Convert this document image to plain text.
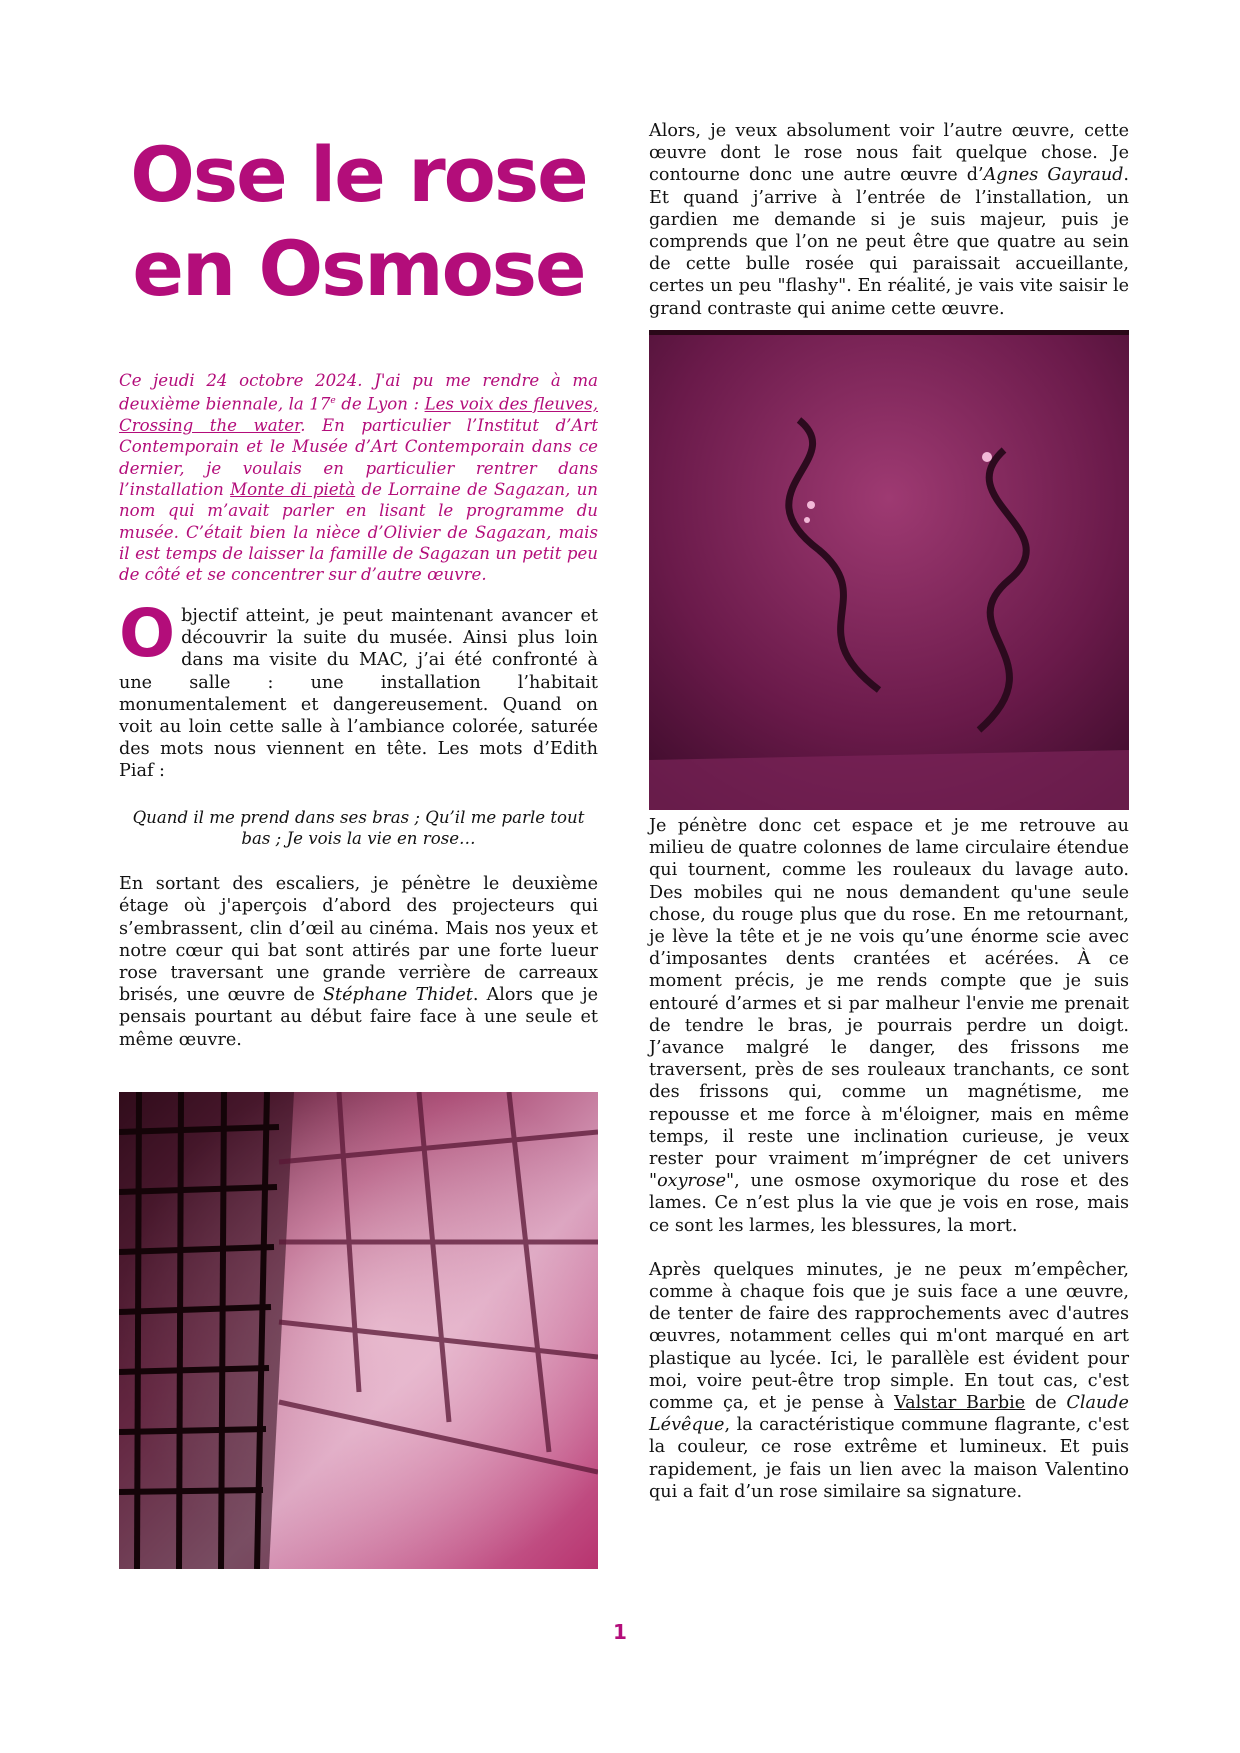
Ose le rose
en Osmose

Ce jeudi 24 octobre 2024. J'ai pu me rendre à ma deuxième biennale, la 17e de Lyon : Les voix des fleuves, Crossing the water. En particulier l’Institut d’Art Contemporain et le Musée d’Art Contemporain dans ce dernier, je voulais en particulier rentrer dans l’installation Monte di pietà de Lorraine de Sagazan, un nom qui m’avait parler en lisant le programme du musée. C’était bien la nièce d’Olivier de Sagazan, mais il est temps de laisser la famille de Sagazan un petit peu de côté et se concentrer sur d’autre œuvre.

Objectif atteint, je peut maintenant avancer et découvrir la suite du musée. Ainsi plus loin dans ma visite du MAC, j’ai été confronté à une salle : une installation l’habitait monumentalement et dangereusement. Quand on voit au loin cette salle à l’ambiance colorée, saturée des mots nous viennent en tête. Les mots d’Edith Piaf :

Quand il me prend dans ses bras ; Qu’il me parle tout bas ; Je vois la vie en rose…

En sortant des escaliers, je pénètre le deuxième étage où j'aperçois d’abord des projecteurs qui s’embrassent, clin d’œil au cinéma. Mais nos yeux et notre cœur qui bat sont attirés par une forte lueur rose traversant une grande verrière de carreaux brisés, une œuvre de Stéphane Thidet. Alors que je pensais pourtant au début faire face à une seule et même œuvre.

Alors, je veux absolument voir l’autre œuvre, cette œuvre dont le rose nous fait quelque chose. Je contourne donc une autre œuvre d’Agnes Gayraud. Et quand j’arrive à l’entrée de l’installation, un gardien me demande si je suis majeur, puis je comprends que l’on ne peut être que quatre au sein de cette bulle rosée qui paraissait accueillante, certes un peu "flashy". En réalité, je vais vite saisir le grand contraste qui anime cette œuvre.

Je pénètre donc cet espace et je me retrouve au milieu de quatre colonnes de lame circulaire étendue qui tournent, comme les rouleaux du lavage auto. Des mobiles qui ne nous demandent qu'une seule chose, du rouge plus que du rose. En me retournant, je lève la tête et je ne vois qu’une énorme scie avec d’imposantes dents crantées et acérées. À ce moment précis, je me rends compte que je suis entouré d’armes et si par malheur l'envie me prenait de tendre le bras, je pourrais perdre un doigt. J’avance malgré le danger, des frissons me traversent, près de ses rouleaux tranchants, ce sont des frissons qui, comme un magnétisme, me repousse et me force à m'éloigner, mais en même temps, il reste une inclination curieuse, je veux rester pour vraiment m’imprégner de cet univers "oxyrose", une osmose oxymorique du rose et des lames. Ce n’est plus la vie que je vois en rose, mais ce sont les larmes, les blessures, la mort.

Après quelques minutes, je ne peux m’empêcher, comme à chaque fois que je suis face a une œuvre, de tenter de faire des rapprochements avec d'autres œuvres, notamment celles qui m'ont marqué en art plastique au lycée. Ici, le parallèle est évident pour moi, voire peut-être trop simple. En tout cas, c'est comme ça, et je pense à Valstar Barbie de Claude Lévêque, la caractéristique commune flagrante, c'est la couleur, ce rose extrême et lumineux. Et puis rapidement, je fais un lien avec la maison Valentino qui a fait d’un rose similaire sa signature.

1
